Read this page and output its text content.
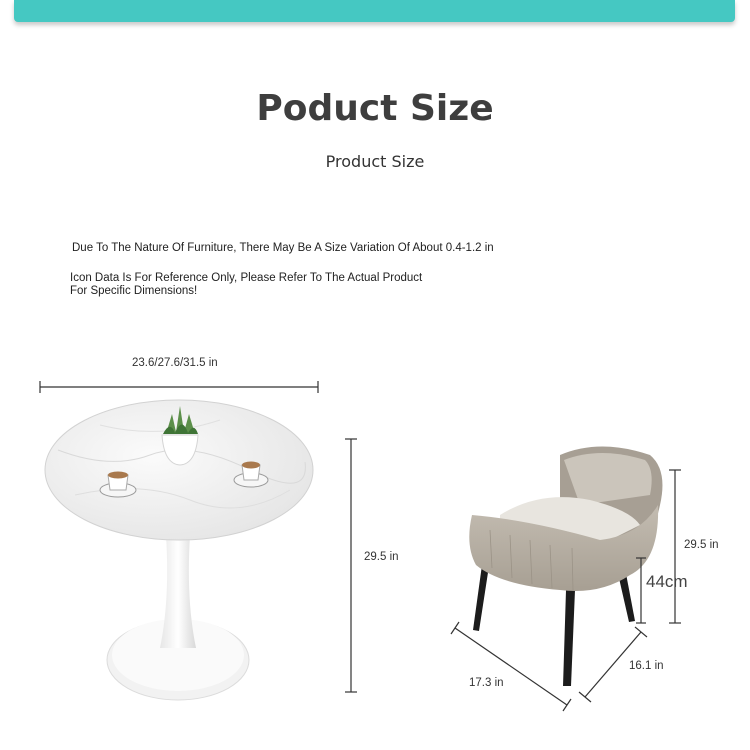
Poduct Size
Product Size
Due To The Nature Of Furniture, There May Be A Size Variation Of About 0.4-1.2 in
Icon Data Is For Reference Only, Please Refer To The Actual Product For Specific Dimensions!
23.6/27.6/31.5 in
29.5 in
29.5 in
44cm
17.3 in
16.1 in
